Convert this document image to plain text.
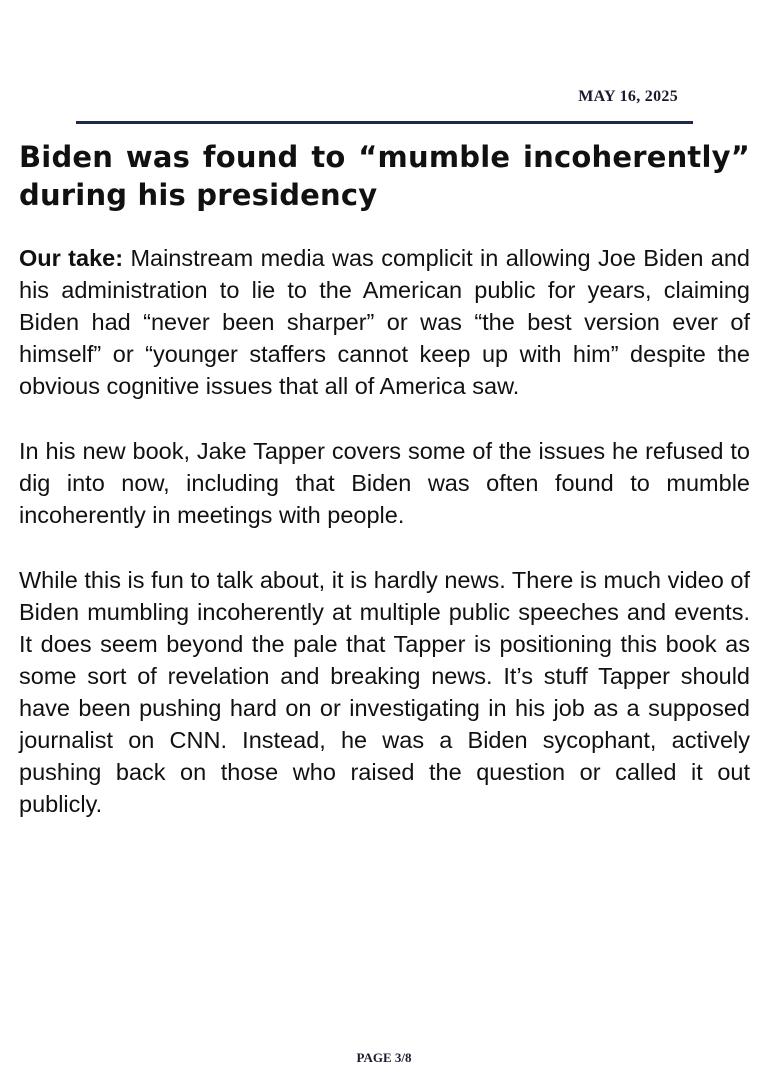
MAY 16, 2025
Biden was found to “mumble incoherently” during his presidency

Our take: Mainstream media was complicit in allowing Joe Biden and his administration to lie to the American public for years, claiming Biden had “never been sharper” or was “the best version ever of himself” or “younger staffers cannot keep up with him” despite the obvious cognitive issues that all of America saw.

In his new book, Jake Tapper covers some of the issues he refused to dig into now, including that Biden was often found to mumble incoherently in meetings with people.

While this is fun to talk about, it is hardly news. There is much video of Biden mumbling incoherently at multiple public speeches and events. It does seem beyond the pale that Tapper is positioning this book as some sort of revelation and breaking news. It’s stuff Tapper should have been pushing hard on or investigating in his job as a supposed journalist on CNN. Instead, he was a Biden sycophant, actively pushing back on those who raised the question or called it out publicly.

PAGE 3/8
